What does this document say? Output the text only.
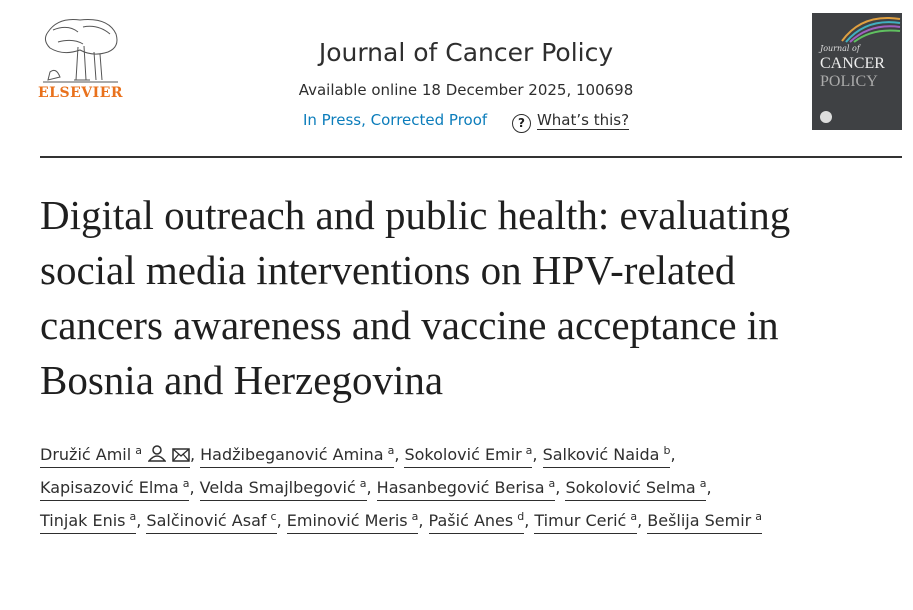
ELSEVIER
Journal of Cancer Policy
Available online 18 December 2025, 100698
In Press, Corrected Proof	? What’s this?
Journal of
CANCER
POLICY
Digital outreach and public health: evaluating social media interventions on HPV-related cancers awareness and vaccine acceptance in Bosnia and Herzegovina
Družić Amil $^a$	, Hadžibeganović Amina $^a$, Sokolović Emir $^a$, Salković Naida $^b$,
Kapisazović Elma $^a$, Velda Smajlbegović $^a$, Hasanbegović Berisa $^a$, Sokolović Selma $^a$,
Tinjak Enis $^a$, Salčinović Asaf $^c$, Eminović Meris $^a$, Pašić Anes $^d$, Timur Cerić $^a$, Bešlija Semir $^a$
